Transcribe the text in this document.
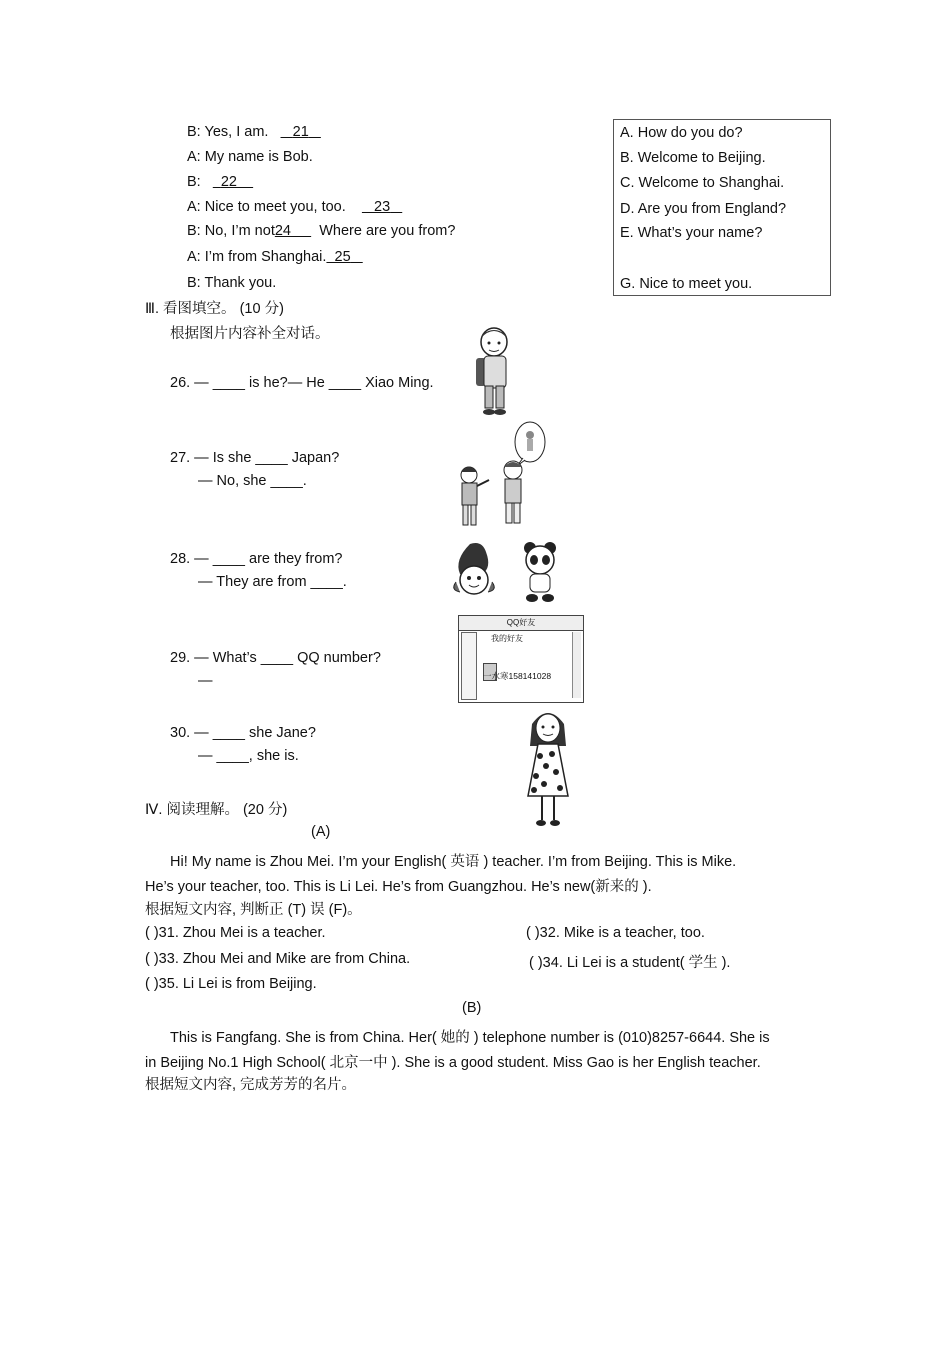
B: Yes, I am. 21
A: My name is Bob.
B: 22
A: Nice to meet you, too. 23
B: No, I’m not24 Where are you from?
A: I’m from Shanghai. 25
B: Thank you.
A. How do you do?
B. Welcome to Beijing.
C. Welcome to Shanghai.
D. Are you from England?
E. What’s your name?
G. Nice to meet you.
Ⅲ. 看图填空。 (10 分)
根据图片内容补全对话。
26. — ____ is he?— He ____ Xiao Ming.
27. — Is she ____ Japan?
— No, she ____.
28. — ____ are they from?
— They are from ____.
29. — What’s ____ QQ number?
—
30. — ____ she Jane?
— ____, she is.
QQ好友
我的好友
一水寒158141028
Ⅳ. 阅读理解。 (20 分)
(A)
Hi! My name is Zhou Mei. I’m your English( 英语 ) teacher. I’m from Beijing. This is Mike.
He’s your teacher, too. This is Li Lei. He’s from Guangzhou. He’s new(新来的 ).
根据短文内容, 判断正 (T) 误 (F)。
( )31. Zhou Mei is a teacher.	( )32. Mike is a teacher, too.
( )33. Zhou Mei and Mike are from China.	( )34. Li Lei is a student( 学生 ).
( )35. Li Lei is from Beijing.
(B)
This is Fangfang. She is from China. Her( 她的 ) telephone number is (010)8257-6644. She is
in Beijing No.1 High School( 北京一中 ). She is a good student. Miss Gao is her English teacher.
根据短文内容, 完成芳芳的名片。
